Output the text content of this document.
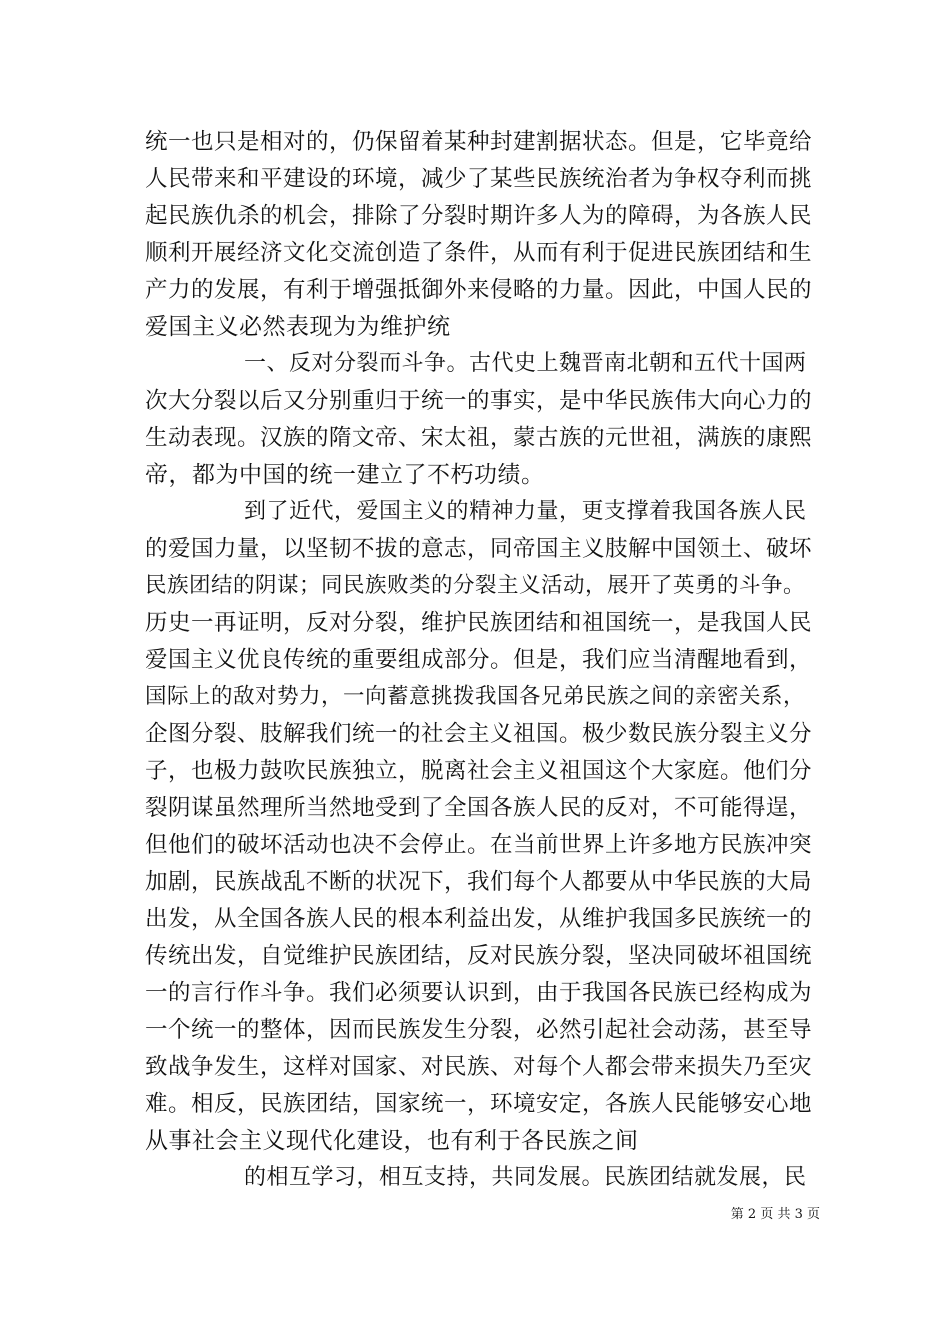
统一也只是相对的，仍保留着某种封建割据状态。但是，它毕竟给
人民带来和平建设的环境，减少了某些民族统治者为争权夺利而挑
起民族仇杀的机会，排除了分裂时期许多人为的障碍，为各族人民
顺利开展经济文化交流创造了条件，从而有利于促进民族团结和生
产力的发展，有利于增强抵御外来侵略的力量。因此，中国人民的
爱国主义必然表现为为维护统
一、反对分裂而斗争。古代史上魏晋南北朝和五代十国两
次大分裂以后又分别重归于统一的事实，是中华民族伟大向心力的
生动表现。汉族的隋文帝、宋太祖，蒙古族的元世祖，满族的康熙
帝，都为中国的统一建立了不朽功绩。
到了近代，爱国主义的精神力量，更支撑着我国各族人民
的爱国力量，以坚韧不拔的意志，同帝国主义肢解中国领土、破坏
民族团结的阴谋；同民族败类的分裂主义活动，展开了英勇的斗争。
历史一再证明，反对分裂，维护民族团结和祖国统一，是我国人民
爱国主义优良传统的重要组成部分。但是，我们应当清醒地看到，
国际上的敌对势力，一向蓄意挑拨我国各兄弟民族之间的亲密关系，
企图分裂、肢解我们统一的社会主义祖国。极少数民族分裂主义分
子，也极力鼓吹民族独立，脱离社会主义祖国这个大家庭。他们分
裂阴谋虽然理所当然地受到了全国各族人民的反对，不可能得逞，
但他们的破坏活动也决不会停止。在当前世界上许多地方民族冲突
加剧，民族战乱不断的状况下，我们每个人都要从中华民族的大局
出发，从全国各族人民的根本利益出发，从维护我国多民族统一的
传统出发，自觉维护民族团结，反对民族分裂，坚决同破坏祖国统
一的言行作斗争。我们必须要认识到，由于我国各民族已经构成为
一个统一的整体，因而民族发生分裂，必然引起社会动荡，甚至导
致战争发生，这样对国家、对民族、对每个人都会带来损失乃至灾
难。相反，民族团结，国家统一，环境安定，各族人民能够安心地
从事社会主义现代化建设，也有利于各民族之间
的相互学习，相互支持，共同发展。民族团结就发展，民
第 2 页 共 3 页
